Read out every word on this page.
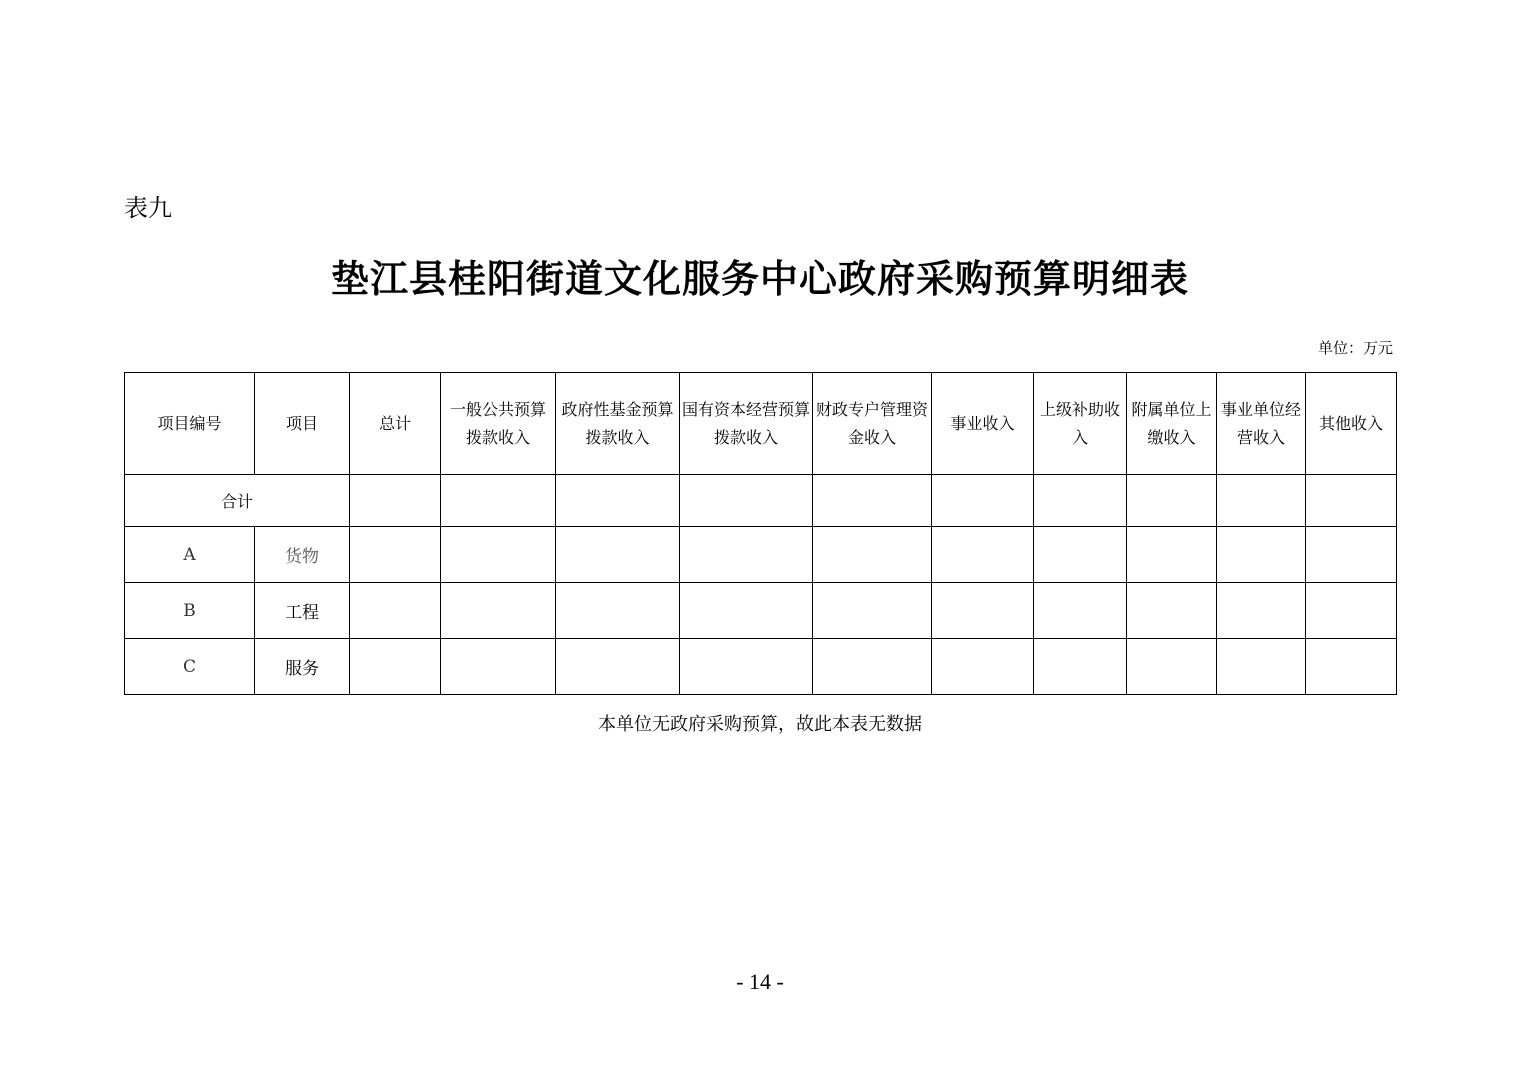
表九
垫江县桂阳街道文化服务中心政府采购预算明细表
单位：万元
项目编号	项目	总计	一般公共预算拨款收入	政府性基金预算拨款收入	国有资本经营预算拨款收入	财政专户管理资金收入	事业收入	上级补助收入	附属单位上缴收入	事业单位经营收入	其他收入
合计											
A	货物										
B	工程										
C	服务										
本单位无政府采购预算，故此本表无数据
- 14 -
